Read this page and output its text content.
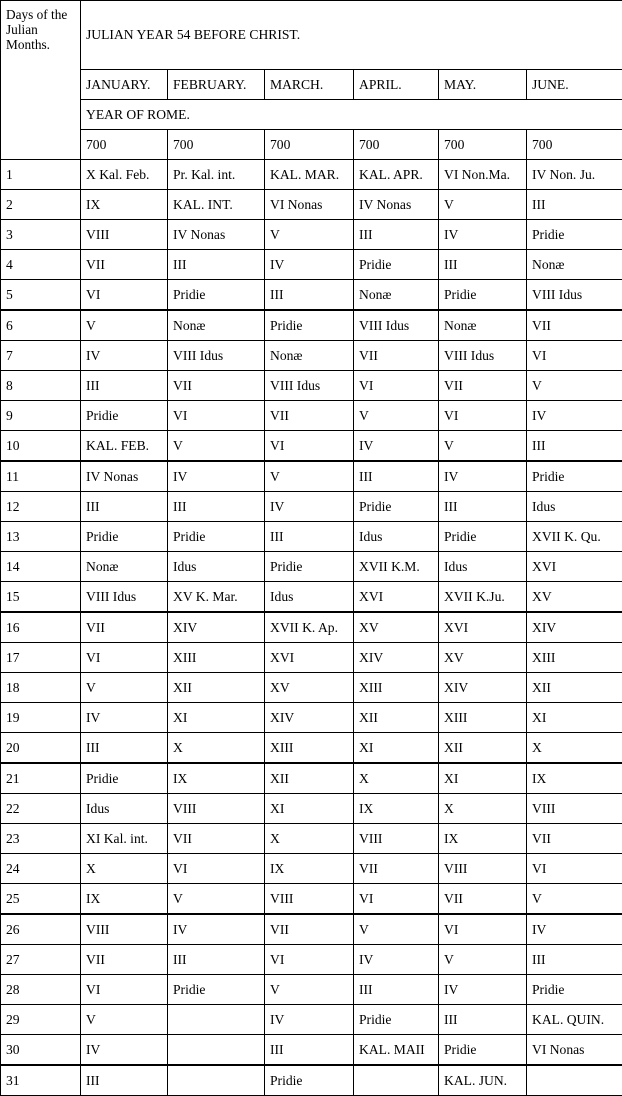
Days of the Julian Months.	JULIAN YEAR 54 BEFORE CHRIST.					
	JANUARY.	FEBRUARY.	MARCH.	APRIL.	MAY.	JUNE.
	YEAR OF ROME.					
	700	700	700	700	700	700
1	X Kal. Feb.	Pr. Kal. int.	KAL. MAR.	KAL. APR.	VI Non.Ma.	IV Non. Ju.
2	IX	KAL. INT.	VI Nonas	IV Nonas	V	III
3	VIII	IV Nonas	V	III	IV	Pridie
4	VII	III	IV	Pridie	III	Nonæ
5	VI	Pridie	III	Nonæ	Pridie	VIII Idus
6	V	Nonæ	Pridie	VIII Idus	Nonæ	VII
7	IV	VIII Idus	Nonæ	VII	VIII Idus	VI
8	III	VII	VIII Idus	VI	VII	V
9	Pridie	VI	VII	V	VI	IV
10	KAL. FEB.	V	VI	IV	V	III
11	IV Nonas	IV	V	III	IV	Pridie
12	III	III	IV	Pridie	III	Idus
13	Pridie	Pridie	III	Idus	Pridie	XVII K. Qu.
14	Nonæ	Idus	Pridie	XVII K.M.	Idus	XVI
15	VIII Idus	XV K. Mar.	Idus	XVI	XVII K.Ju.	XV
16	VII	XIV	XVII K. Ap.	XV	XVI	XIV
17	VI	XIII	XVI	XIV	XV	XIII
18	V	XII	XV	XIII	XIV	XII
19	IV	XI	XIV	XII	XIII	XI
20	III	X	XIII	XI	XII	X
21	Pridie	IX	XII	X	XI	IX
22	Idus	VIII	XI	IX	X	VIII
23	XI Kal. int.	VII	X	VIII	IX	VII
24	X	VI	IX	VII	VIII	VI
25	IX	V	VIII	VI	VII	V
26	VIII	IV	VII	V	VI	IV
27	VII	III	VI	IV	V	III
28	VI	Pridie	V	III	IV	Pridie
29	V		IV	Pridie	III	KAL. QUIN.
30	IV		III	KAL. MAII	Pridie	VI Nonas
31	III		Pridie		KAL. JUN.	
